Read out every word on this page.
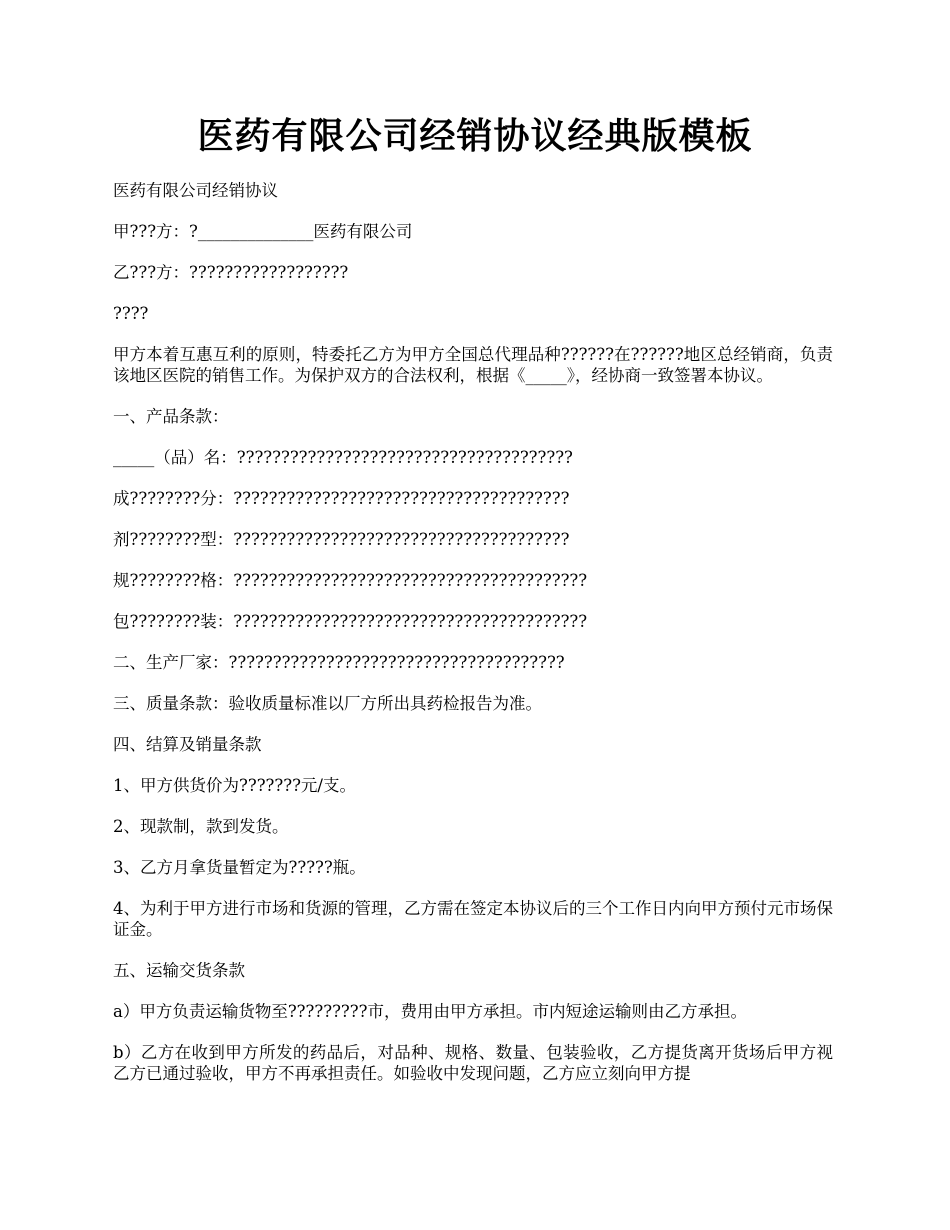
医药有限公司经销协议经典版模板

医药有限公司经销协议

甲???方：?______________医药有限公司

乙???方：??????????????????

????

甲方本着互惠互利的原则，特委托乙方为甲方全国总代理品种??????在??????地区总经销商，负责该地区医院的销售工作。为保护双方的合法权利，根据《_____》，经协商一致签署本协议。

一、产品条款：

_____（品）名：??????????????????????????????????????

成????????分：??????????????????????????????????????

剂????????型：??????????????????????????????????????

规????????格：????????????????????????????????????????

包????????装：????????????????????????????????????????

二、生产厂家：??????????????????????????????????????

三、质量条款：验收质量标准以厂方所出具药检报告为准。

四、结算及销量条款

1、甲方供货价为???????元/支。

2、现款制，款到发货。

3、乙方月拿货量暂定为?????瓶。

4、为利于甲方进行市场和货源的管理，乙方需在签定本协议后的三个工作日内向甲方预付元市场保证金。

五、运输交货条款

a）甲方负责运输货物至?????????市，费用由甲方承担。市内短途运输则由乙方承担。

b）乙方在收到甲方所发的药品后，对品种、规格、数量、包装验收，乙方提货离开货场后甲方视乙方已通过验收，甲方不再承担责任。如验收中发现问题，乙方应立刻向甲方提
